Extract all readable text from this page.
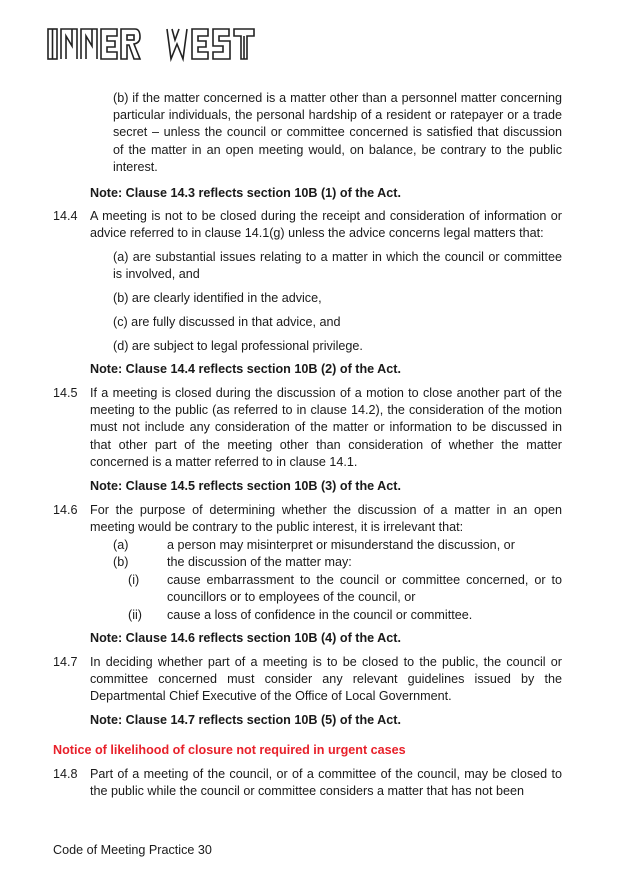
(b) if the matter concerned is a matter other than a personnel matter concerning particular individuals, the personal hardship of a resident or ratepayer or a trade secret – unless the council or committee concerned is satisfied that discussion of the matter in an open meeting would, on balance, be contrary to the public interest.
Note: Clause 14.3 reflects section 10B (1) of the Act.
14.4 A meeting is not to be closed during the receipt and consideration of information or advice referred to in clause 14.1(g) unless the advice concerns legal matters that:
(a) are substantial issues relating to a matter in which the council or committee is involved, and
(b) are clearly identified in the advice,
(c) are fully discussed in that advice, and
(d) are subject to legal professional privilege.
Note: Clause 14.4 reflects section 10B (2) of the Act.
14.5 If a meeting is closed during the discussion of a motion to close another part of the meeting to the public (as referred to in clause 14.2), the consideration of the motion must not include any consideration of the matter or information to be discussed in that other part of the meeting other than consideration of whether the matter concerned is a matter referred to in clause 14.1.
Note: Clause 14.5 reflects section 10B (3) of the Act.
14.6 For the purpose of determining whether the discussion of a matter in an open meeting would be contrary to the public interest, it is irrelevant that:
(a)	a person may misinterpret or misunderstand the discussion, or
(b)	the discussion of the matter may:
(i) cause embarrassment to the council or committee concerned, or to councillors or to employees of the council, or
(ii) cause a loss of confidence in the council or committee.
Note: Clause 14.6 reflects section 10B (4) of the Act.
14.7 In deciding whether part of a meeting is to be closed to the public, the council or committee concerned must consider any relevant guidelines issued by the Departmental Chief Executive of the Office of Local Government.
Note: Clause 14.7 reflects section 10B (5) of the Act.
Notice of likelihood of closure not required in urgent cases
14.8 Part of a meeting of the council, or of a committee of the council, may be closed to the public while the council or committee considers a matter that has not been
Code of Meeting Practice 30
